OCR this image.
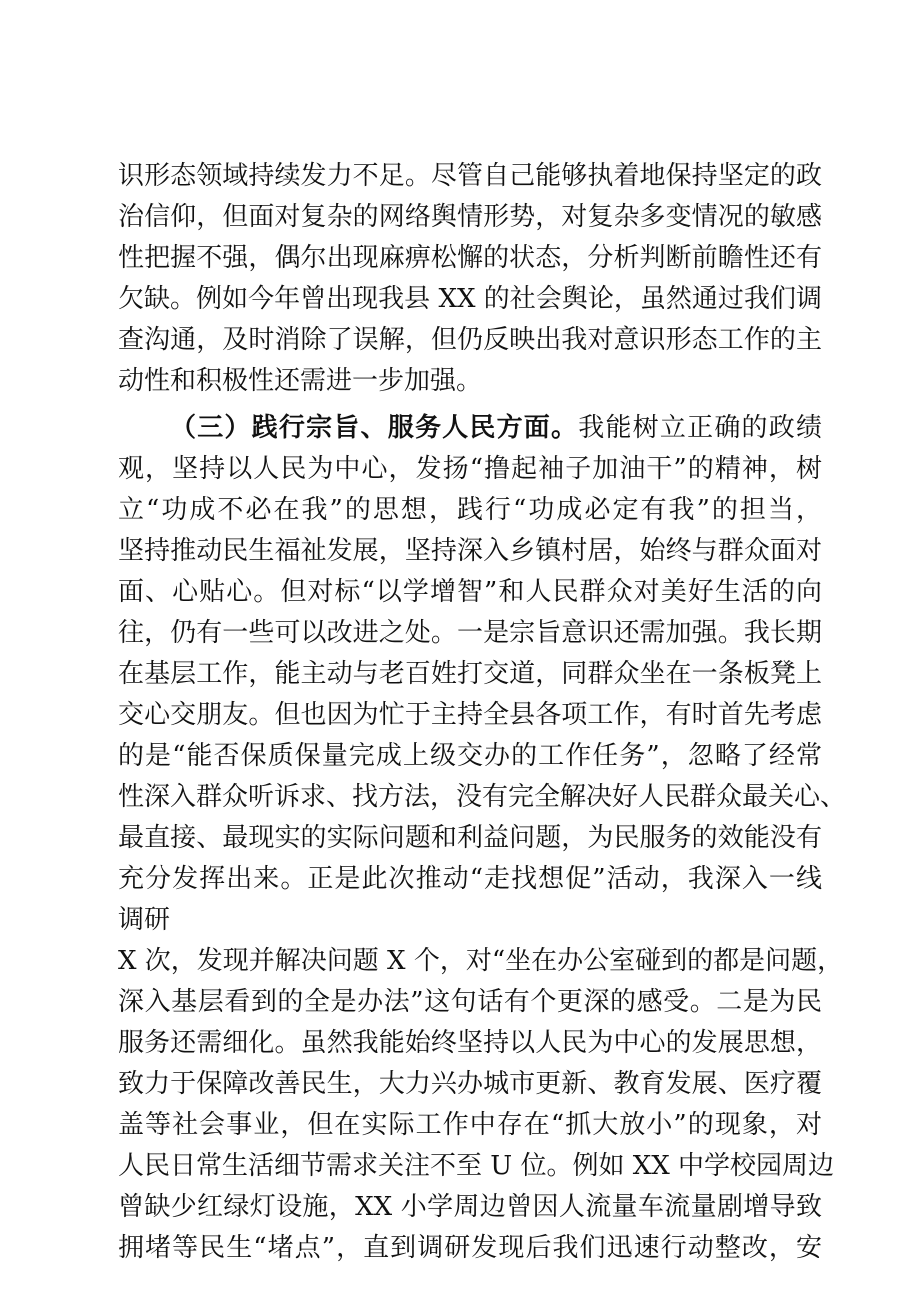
识形态领域持续发力不足。尽管自己能够执着地保持坚定的政
治信仰，但面对复杂的网络舆情形势，对复杂多变情况的敏感
性把握不强，偶尔出现麻痹松懈的状态，分析判断前瞻性还有
欠缺。例如今年曾出现我县 XX 的社会舆论，虽然通过我们调
查沟通，及时消除了误解，但仍反映出我对意识形态工作的主
动性和积极性还需进一步加强。
（三）践行宗旨、服务人民方面。我能树立正确的政绩
观，坚持以人民为中心，发扬“撸起袖子加油干”的精神，树
立“功成不必在我”的思想，践行“功成必定有我”的担当，
坚持推动民生福祉发展，坚持深入乡镇村居，始终与群众面对
面、心贴心。但对标“以学增智”和人民群众对美好生活的向
往，仍有一些可以改进之处。一是宗旨意识还需加强。我长期
在基层工作，能主动与老百姓打交道，同群众坐在一条板凳上
交心交朋友。但也因为忙于主持全县各项工作，有时首先考虑
的是“能否保质保量完成上级交办的工作任务”，忽略了经常
性深入群众听诉求、找方法，没有完全解决好人民群众最关心、
最直接、最现实的实际问题和利益问题，为民服务的效能没有
充分发挥出来。正是此次推动“走找想促”活动，我深入一线
调研
X 次，发现并解决问题 X 个，对“坐在办公室碰到的都是问题，
深入基层看到的全是办法”这句话有个更深的感受。二是为民
服务还需细化。虽然我能始终坚持以人民为中心的发展思想，
致力于保障改善民生，大力兴办城市更新、教育发展、医疗覆
盖等社会事业，但在实际工作中存在“抓大放小”的现象，对
人民日常生活细节需求关注不至 U 位。例如 XX 中学校园周边
曾缺少红绿灯设施，XX 小学周边曾因人流量车流量剧增导致
拥堵等民生“堵点”，直到调研发现后我们迅速行动整改，安
